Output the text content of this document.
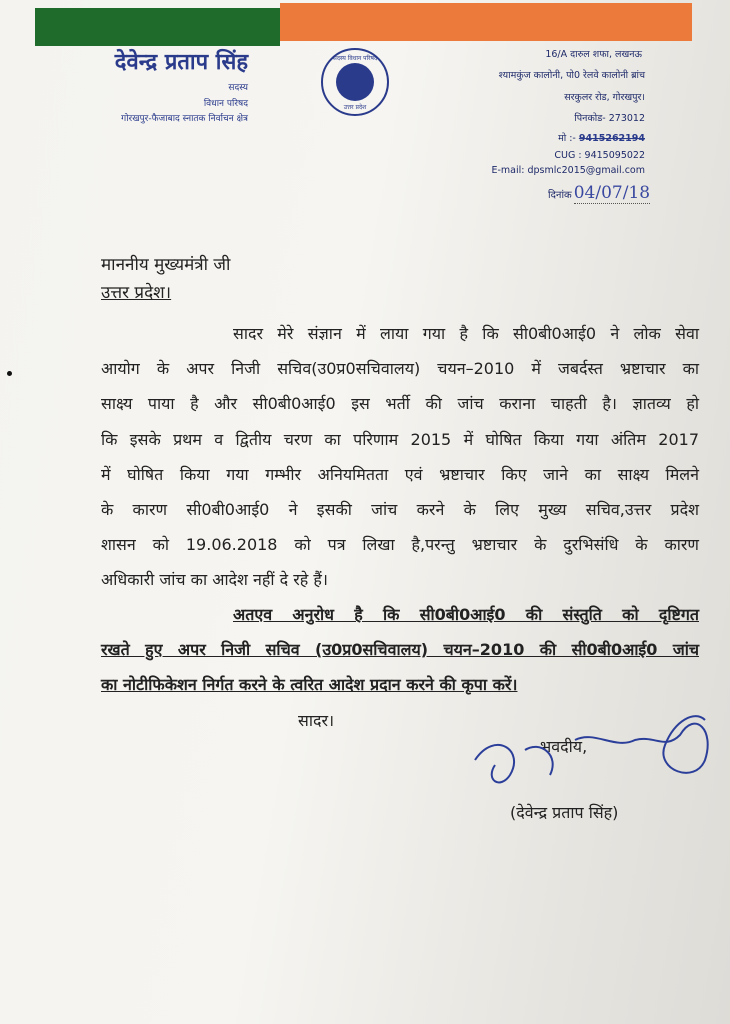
देवेन्द्र प्रताप सिंह
सदस्य
विधान परिषद
गोरखपुर-फैजाबाद स्नातक निर्वाचन क्षेत्र
सदस्य विधान परिषद
उत्तर प्रदेश
16/A दारुल शफा, लखनऊ
श्यामकुंज कालोनी, पो0 रेलवे कालोनी ब्रांच
सरकुलर रोड, गोरखपुर।
पिनकोड- 273012
मो :- 9415262194
CUG : 9415095022
E-mail: dpsmlc2015@gmail.com
दिनांक 04/07/18
माननीय मुख्यमंत्री जी
उत्तर प्रदेश।
सादर मेरे संज्ञान में लाया गया है कि सी0बी0आई0 ने लोक सेवा
आयोग के अपर निजी सचिव(उ0प्र0सचिवालय) चयन–2010 में जबर्दस्त भ्रष्टाचार का
साक्ष्य पाया है और सी0बी0आई0 इस भर्ती की जांच कराना चाहती है। ज्ञातव्य हो
कि इसके प्रथम व द्वितीय चरण का परिणाम 2015 में घोषित किया गया अंतिम 2017
में घोषित किया गया गम्भीर अनियमितता एवं भ्रष्टाचार किए जाने का साक्ष्य मिलने
के कारण सी0बी0आई0 ने इसकी जांच करने के लिए मुख्य सचिव,उत्तर प्रदेश
शासन को 19.06.2018 को पत्र लिखा है,परन्तु भ्रष्टाचार के दुरभिसंधि के कारण
अधिकारी जांच का आदेश नहीं दे रहे हैं।
अतएव अनुरोध है कि सी0बी0आई0 की संस्तुति को दृष्टिगत
रखते हुए अपर निजी सचिव (उ0प्र0सचिवालय) चयन–2010 की सी0बी0आई0 जांच
का नोटीफिकेशन निर्गत करने के त्वरित आदेश प्रदान करने की कृपा करें।
सादर।
भवदीय,
(देवेन्द्र प्रताप सिंह)
